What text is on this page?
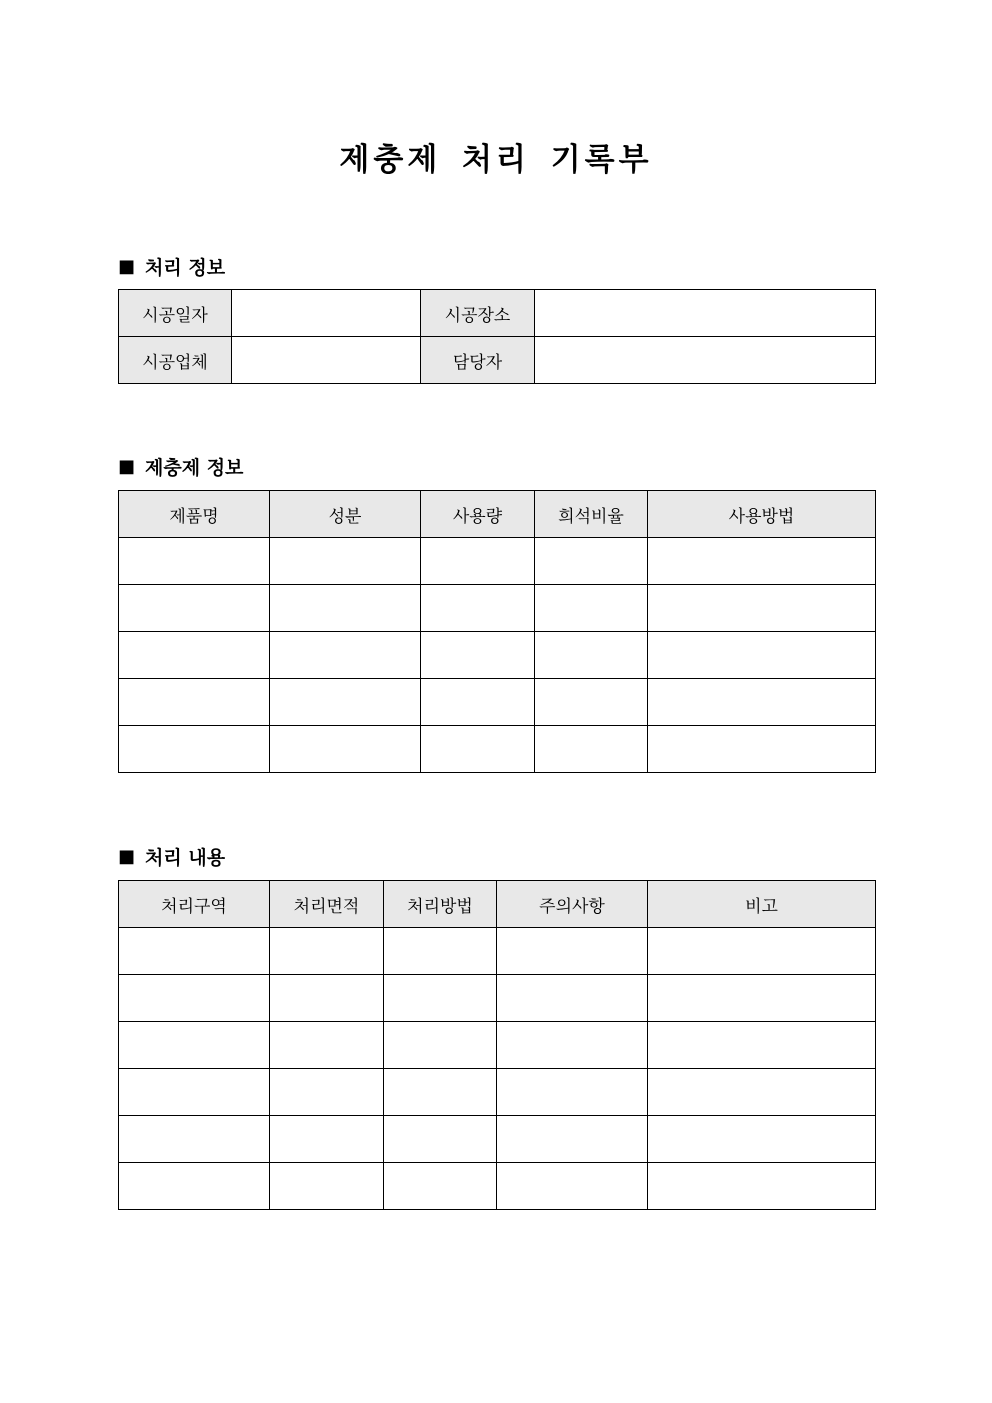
제충제 처리 기록부
■ 처리 정보
시공일자		시공장소	
시공업체		담당자	
■ 제충제 정보
제품명	성분	사용량	희석비율	사용방법

■ 처리 내용
처리구역	처리면적	처리방법	주의사항	비고
